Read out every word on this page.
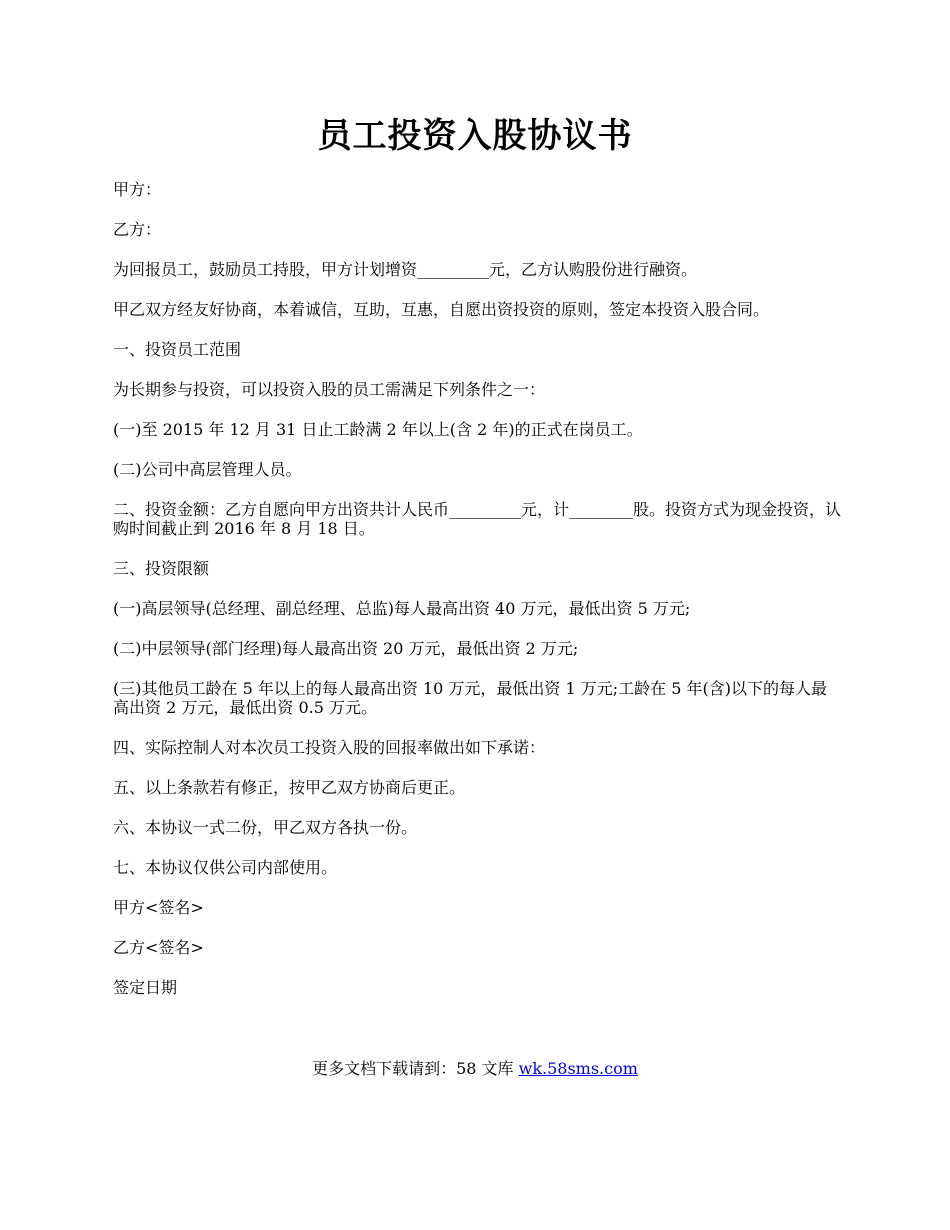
员工投资入股协议书

甲方：

乙方：

为回报员工，鼓励员工持股，甲方计划增资_________元，乙方认购股份进行融资。

甲乙双方经友好协商，本着诚信，互助，互惠，自愿出资投资的原则，签定本投资入股合同。

一、投资员工范围

为长期参与投资，可以投资入股的员工需满足下列条件之一：

(一)至 2015 年 12 月 31 日止工龄满 2 年以上(含 2 年)的正式在岗员工。

(二)公司中高层管理人员。

二、投资金额：乙方自愿向甲方出资共计人民币_________元，计________股。投资方式为现金投资，认购时间截止到 2016 年 8 月 18 日。

三、投资限额

(一)高层领导(总经理、副总经理、总监)每人最高出资 40 万元，最低出资 5 万元;

(二)中层领导(部门经理)每人最高出资 20 万元，最低出资 2 万元;

(三)其他员工龄在 5 年以上的每人最高出资 10 万元，最低出资 1 万元;工龄在 5 年(含)以下的每人最高出资 2 万元，最低出资 0.5 万元。

四、实际控制人对本次员工投资入股的回报率做出如下承诺：

五、以上条款若有修正，按甲乙双方协商后更正。

六、本协议一式二份，甲乙双方各执一份。

七、本协议仅供公司内部使用。

甲方<签名>

乙方<签名>

签定日期

更多文档下载请到：58 文库 wk.58sms.com
